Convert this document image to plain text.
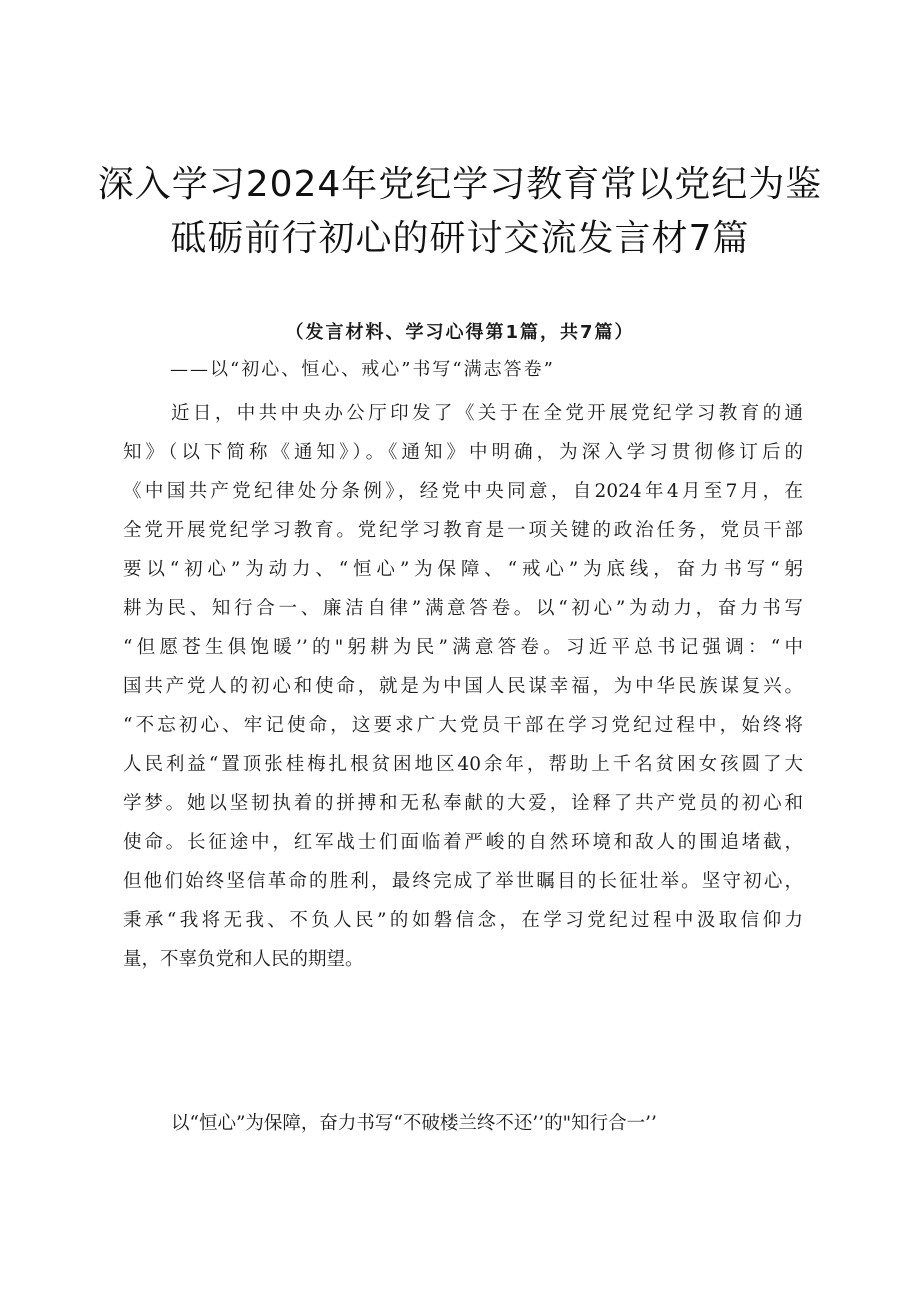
深入学习2024年党纪学习教育常以党纪为鉴
砥砺前行初心的研讨交流发言材7篇
（发言材料、学习心得第1篇，共7篇）
——以“初心、恒心、戒心”书写“满志答卷”
近日，中共中央办公厅印发了《关于在全党开展党纪学习教育的通
知》（以下简称《通知》）。《通知》中明确，为深入学习贯彻修订后的
《中国共产党纪律处分条例》，经党中央同意，自2024年4月至7月，在
全党开展党纪学习教育。党纪学习教育是一项关键的政治任务，党员干部
要以“初心”为动力、“恒心”为保障、“戒心”为底线，奋力书写“躬
耕为民、知行合一、廉洁自律”满意答卷。以“初心”为动力，奋力书写
“但愿苍生俱饱暖’’的"躬耕为民”满意答卷。习近平总书记强调：“中
国共产党人的初心和使命，就是为中国人民谋幸福，为中华民族谋复兴。
“不忘初心、牢记使命，这要求广大党员干部在学习党纪过程中，始终将
人民利益“置顶张桂梅扎根贫困地区40余年，帮助上千名贫困女孩圆了大
学梦。她以坚韧执着的拼搏和无私奉献的大爱，诠释了共产党员的初心和
使命。长征途中，红军战士们面临着严峻的自然环境和敌人的围追堵截，
但他们始终坚信革命的胜利，最终完成了举世瞩目的长征壮举。坚守初心，
秉承“我将无我、不负人民”的如磐信念，在学习党纪过程中汲取信仰力
量，不辜负党和人民的期望。
以“恒心”为保障，奋力书写“不破楼兰终不还’’的"知行合一’’
